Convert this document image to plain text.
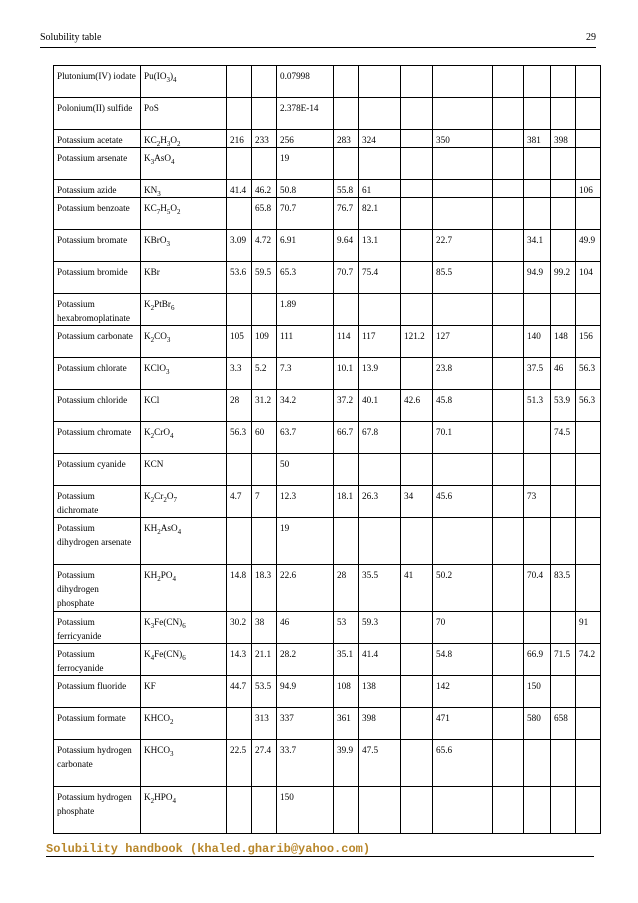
Solubility table	29
Plutonium(IV) iodate	$Pu(IO_3)_4$			0.07998								
Polonium(II) sulfide	PoS			2.378E-14								
Potassium acetate	$KC_2H_3O_2$	216	233	256	283	324		350		381	398	
Potassium arsenate	$K_3AsO_4$			19								
Potassium azide	$KN_3$	41.4	46.2	50.8	55.8	61						106
Potassium benzoate	$KC_7H_5O_2$		65.8	70.7	76.7	82.1						
Potassium bromate	KBrO$_3$	3.09	4.72	6.91	9.64	13.1		22.7		34.1		49.9
Potassium bromide	KBr	53.6	59.5	65.3	70.7	75.4		85.5		94.9	99.2	104
Potassium hexabromoplatinate	$K_2PtBr_6$			1.89								
Potassium carbonate	$K_2CO_3$	105	109	111	114	117	121.2	127		140	148	156
Potassium chlorate	KClO$_3$	3.3	5.2	7.3	10.1	13.9		23.8		37.5	46	56.3
Potassium chloride	KCl	28	31.2	34.2	37.2	40.1	42.6	45.8		51.3	53.9	56.3
Potassium chromate	$K_2CrO_4$	56.3	60	63.7	66.7	67.8		70.1			74.5	
Potassium cyanide	KCN			50								
Potassium dichromate	$K_2Cr_2O_7$	4.7	7	12.3	18.1	26.3	34	45.6		73		
Potassium dihydrogen arsenate	$KH_2AsO_4$			19								
Potassium dihydrogen phosphate	$KH_2PO_4$	14.8	18.3	22.6	28	35.5	41	50.2		70.4	83.5	
Potassium ferricyanide	$K_3Fe(CN)_6$	30.2	38	46	53	59.3		70				91
Potassium ferrocyanide	$K_4Fe(CN)_6$	14.3	21.1	28.2	35.1	41.4		54.8		66.9	71.5	74.2
Potassium fluoride	KF	44.7	53.5	94.9	108	138		142		150		
Potassium formate	$KHCO_2$		313	337	361	398		471		580	658	
Potassium hydrogen carbonate	$KHCO_3$	22.5	27.4	33.7	39.9	47.5		65.6				
Potassium hydrogen phosphate	$K_2HPO_4$			150								
Solubility handbook (khaled.gharib@yahoo.com)
